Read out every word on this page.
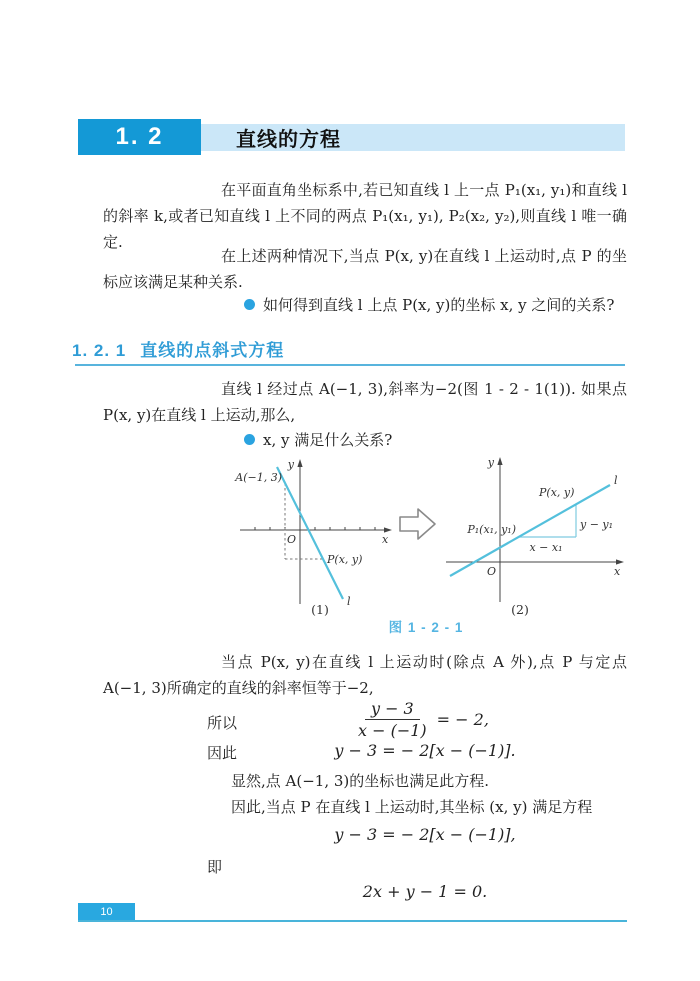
1. 2	直线的方程

在平面直角坐标系中,若已知直线 l 上一点 P₁(x₁, y₁)和直线 l 的斜率 k,或者已知直线 l 上不同的两点 P₁(x₁, y₁), P₂(x₂, y₂),则直线 l 唯一确定.

在上述两种情况下,当点 P(x, y)在直线 l 上运动时,点 P 的坐标应该满足某种关系.

如何得到直线 l 上点 P(x, y)的坐标 x, y 之间的关系?
1. 2. 1 直线的点斜式方程

直线 l 经过点 A(−1, 3),斜率为−2(图 1 - 2 - 1(1)). 如果点 P(x, y)在直线 l 上运动,那么,

x, y 满足什么关系?
y
x
O
A(−1, 3)
P(x, y)
l
(1)
y
x
O
P₁(x₁, y₁)
P(x, y)
l
y − y₁
x − x₁
(2)
图 1 - 2 - 1

当点 P(x, y)在直线 l 上运动时(除点 A 外),点 P 与定点 A(−1, 3)所确定的直线的斜率恒等于−2,

所以	$\frac{y - 3}{x - (-1)}$ = − 2,
因此	y − 3 = − 2[x − (−1)].

显然,点 A(−1, 3)的坐标也满足此方程.

因此,当点 P 在直线 l 上运动时,其坐标 (x, y) 满足方程

y − 3 = − 2[x − (−1)],
即
2x + y − 1 = 0.
10
